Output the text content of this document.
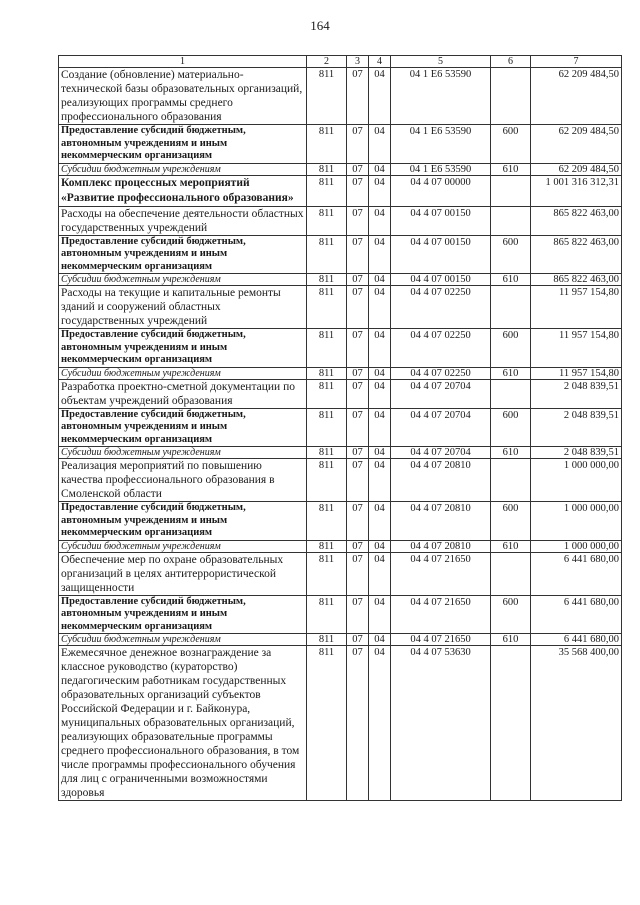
164
1	2	3	4	5	6	7
Создание (обновление) материально-технической базы образовательных организаций, реализующих программы среднего профессионального образования	811	07	04	04 1 Е6 53590		62 209 484,50
Предоставление субсидий бюджетным, автономным учреждениям и иным некоммерческим организациям	811	07	04	04 1 Е6 53590	600	62 209 484,50
Субсидии бюджетным учреждениям	811	07	04	04 1 Е6 53590	610	62 209 484,50
Комплекс процессных мероприятий «Развитие профессионального образования»	811	07	04	04 4 07 00000		1 001 316 312,31
Расходы на обеспечение деятельности областных государственных учреждений	811	07	04	04 4 07 00150		865 822 463,00
Предоставление субсидий бюджетным, автономным учреждениям и иным некоммерческим организациям	811	07	04	04 4 07 00150	600	865 822 463,00
Субсидии бюджетным учреждениям	811	07	04	04 4 07 00150	610	865 822 463,00
Расходы на текущие и капитальные ремонты зданий и сооружений областных государственных учреждений	811	07	04	04 4 07 02250		11 957 154,80
Предоставление субсидий бюджетным, автономным учреждениям и иным некоммерческим организациям	811	07	04	04 4 07 02250	600	11 957 154,80
Субсидии бюджетным учреждениям	811	07	04	04 4 07 02250	610	11 957 154,80
Разработка проектно-сметной документации по объектам учреждений образования	811	07	04	04 4 07 20704		2 048 839,51
Предоставление субсидий бюджетным, автономным учреждениям и иным некоммерческим организациям	811	07	04	04 4 07 20704	600	2 048 839,51
Субсидии бюджетным учреждениям	811	07	04	04 4 07 20704	610	2 048 839,51
Реализация мероприятий по повышению качества профессионального образования в Смоленской области	811	07	04	04 4 07 20810		1 000 000,00
Предоставление субсидий бюджетным, автономным учреждениям и иным некоммерческим организациям	811	07	04	04 4 07 20810	600	1 000 000,00
Субсидии бюджетным учреждениям	811	07	04	04 4 07 20810	610	1 000 000,00
Обеспечение мер по охране образовательных организаций в целях антитеррористической защищенности	811	07	04	04 4 07 21650		6 441 680,00
Предоставление субсидий бюджетным, автономным учреждениям и иным некоммерческим организациям	811	07	04	04 4 07 21650	600	6 441 680,00
Субсидии бюджетным учреждениям	811	07	04	04 4 07 21650	610	6 441 680,00
Ежемесячное денежное вознаграждение за классное руководство (кураторство) педагогическим работникам государственных образовательных организаций субъектов Российской Федерации и г. Байконура, муниципальных образовательных организаций, реализующих образовательные программы среднего профессионального образования, в том числе программы профессионального обучения для лиц с ограниченными возможностями здоровья	811	07	04	04 4 07 53630		35 568 400,00
